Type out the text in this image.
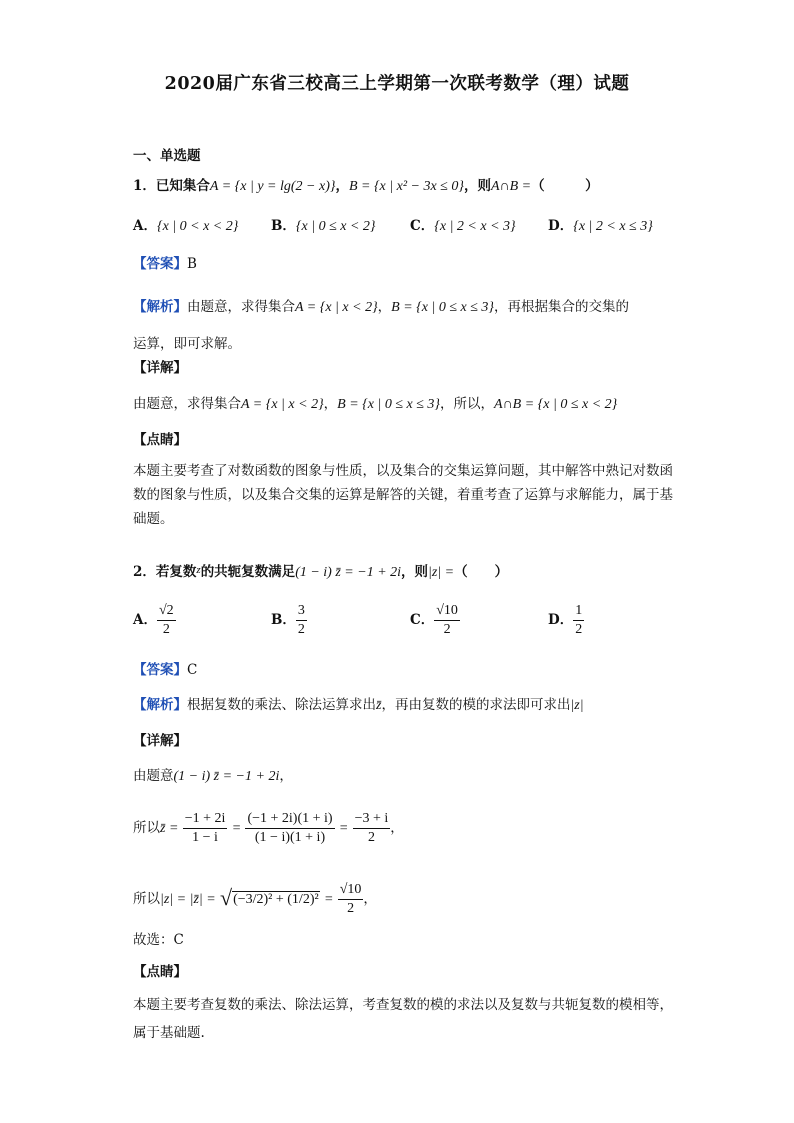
2020届广东省三校高三上学期第一次联考数学（理）试题
一、单选题
1．已知集合A = {x | y = lg(2 − x)}，B = {x | x² − 3x ≤ 0}，则A∩B =（　　　）
A．{x | 0 < x < 2} B．{x | 0 ≤ x < 2}	C．{x | 2 < x < 3} D．{x | 2 < x ≤ 3}
【答案】B
【解析】由题意，求得集合A = {x | x < 2}，B = {x | 0 ≤ x ≤ 3}，再根据集合的交集的
运算，即可求解。
【详解】
由题意，求得集合A = {x | x < 2}，B = {x | 0 ≤ x ≤ 3}，所以，A∩B = {x | 0 ≤ x < 2}
【点睛】
本题主要考查了对数函数的图象与性质，以及集合的交集运算问题，其中解答中熟记对数函数的图象与性质，以及集合交集的运算是解答的关键，着重考查了运算与求解能力，属于基础题。
2．若复数$^z$的共轭复数满足(1 − i) z̄ = −1 + 2i，则|z| =（　　）
A． $\frac{√2}{2}$	B． $\frac{3}{2}$	C． $\frac{√10}{2}$	D． $\frac{1}{2}$
【答案】C
【解析】根据复数的乘法、除法运算求出z̄，再由复数的模的求法即可求出|z|
【详解】
由题意(1 − i) z̄ = −1 + 2i，
所以z̄ = $\frac{-1 + 2i}{1 - i} = \frac{(-1 + 2i)(1 + i)}{(1 - i)(1 + i)} = \frac{-3 + i}{2}$ ，
所以|z| = |z̄| = $√(-3/2)^2 + (1/2)^2 = \frac{√10}{2}$ ，
故选：C
【点睛】
本题主要考查复数的乘法、除法运算，考查复数的模的求法以及复数与共轭复数的模相等，属于基础题.
